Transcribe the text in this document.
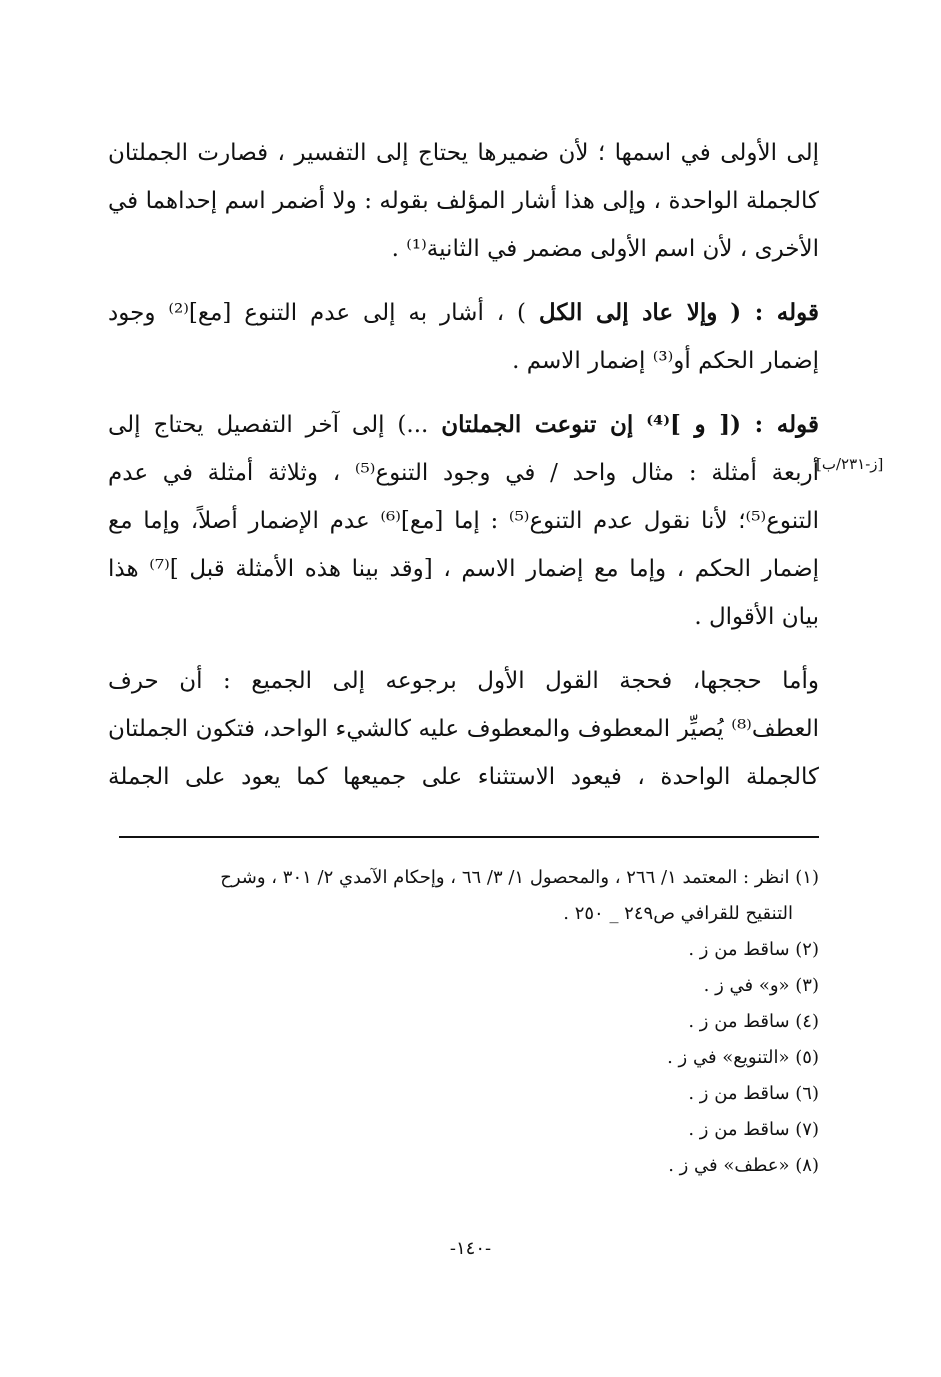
إلى الأولى في اسمها ؛ لأن ضميرها يحتاج إلى التفسير ، فصارت الجملتان
كالجملة الواحدة ، وإلى هذا أشار المؤلف بقوله : ولا أضمر اسم إحداهما في
الأخرى ، لأن اسم الأولى مضمر في الثانية⁽¹⁾ .
قوله : ( وإلا عاد إلى الكل ) ، أشار به إلى عدم التنوع [مع]⁽²⁾ وجود
إضمار الحكم أو⁽³⁾ إضمار الاسم .
قوله : ([ و ]⁽⁴⁾ إن تنوعت الجملتان ...) إلى آخر التفصيل يحتاج إلى
أربعة أمثلة : مثال واحد / في وجود التنوع⁽⁵⁾ ، وثلاثة أمثلة في عدم
[ز-٢٣١/ب]
التنوع⁽⁵⁾؛ لأنا نقول عدم التنوع⁽⁵⁾ : إما [مع]⁽⁶⁾ عدم الإضمار أصلاً، وإما مع
إضمار الحكم ، وإما مع إضمار الاسم ، [وقد بينا هذه الأمثلة قبل ]⁽⁷⁾ هذا
بيان الأقوال .
وأما حججها، فحجة القول الأول برجوعه إلى الجميع : أن حرف
العطف⁽⁸⁾ يُصيِّر المعطوف والمعطوف عليه كالشيء الواحد، فتكون الجملتان
كالجملة الواحدة ، فيعود الاستثناء على جميعها كما يعود على الجملة
(١) انظر : المعتمد ١/ ٢٦٦ ، والمحصول ١/ ٣/ ٦٦ ، وإحكام الآمدي ٢/ ٣٠١ ، وشرح
التنقيح للقرافي ص٢٤٩ _ ٢٥٠ .
(٢) ساقط من ز .
(٣) «و» في ز .
(٤) ساقط من ز .
(٥) «التنويع» في ز .
(٦) ساقط من ز .
(٧) ساقط من ز .
(٨) «عطف» في ز .
-١٤٠-
